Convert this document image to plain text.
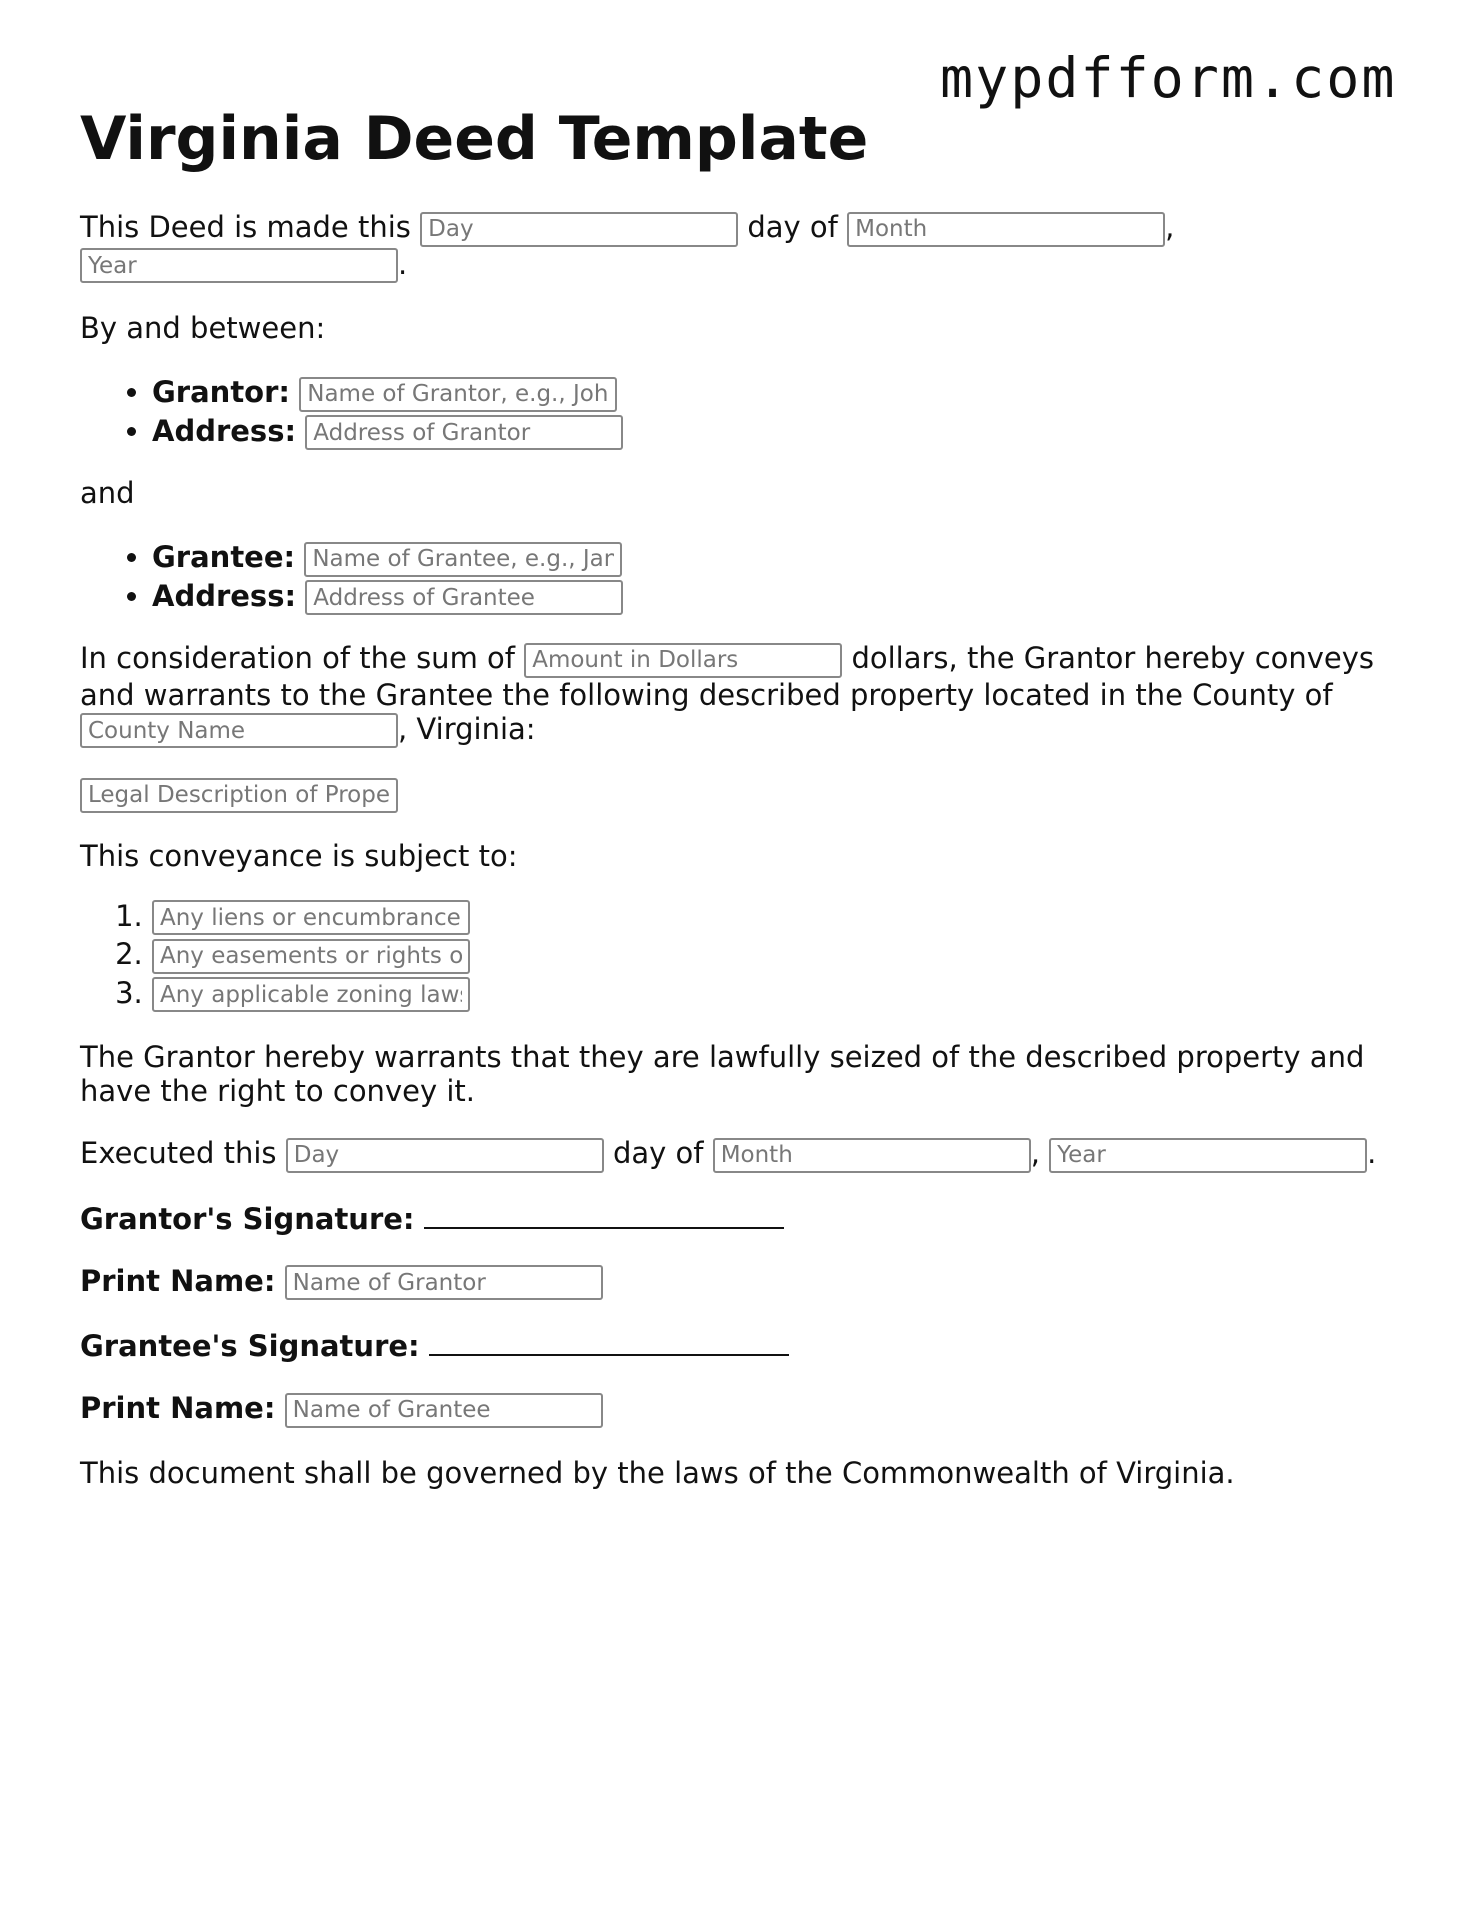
mypdfform.com
Virginia Deed Template

This Deed is made this Day	day of Month	,
Year.

By and between:

• Grantor: Name of Grantor, e.g., John
• Address: Address of Grantor

and

• Grantee: Name of Grantee, e.g., Jane
• Address: Address of Grantee

In consideration of the sum of Amount in Dollars	dollars, the Grantor hereby conveys and warrants to the Grantee the following described property located in the County of
County Name, Virginia:

Legal Description of Property

This conveyance is subject to:

1. Any liens or encumbrances
2. Any easements or rights of way
3. Any applicable zoning laws

The Grantor hereby warrants that they are lawfully seized of the described property and have the right to convey it.

Executed this Day	day of Month	, Year	.

Grantor's Signature:

Print Name: Name of Grantor

Grantee's Signature:

Print Name: Name of Grantee

This document shall be governed by the laws of the Commonwealth of Virginia.
